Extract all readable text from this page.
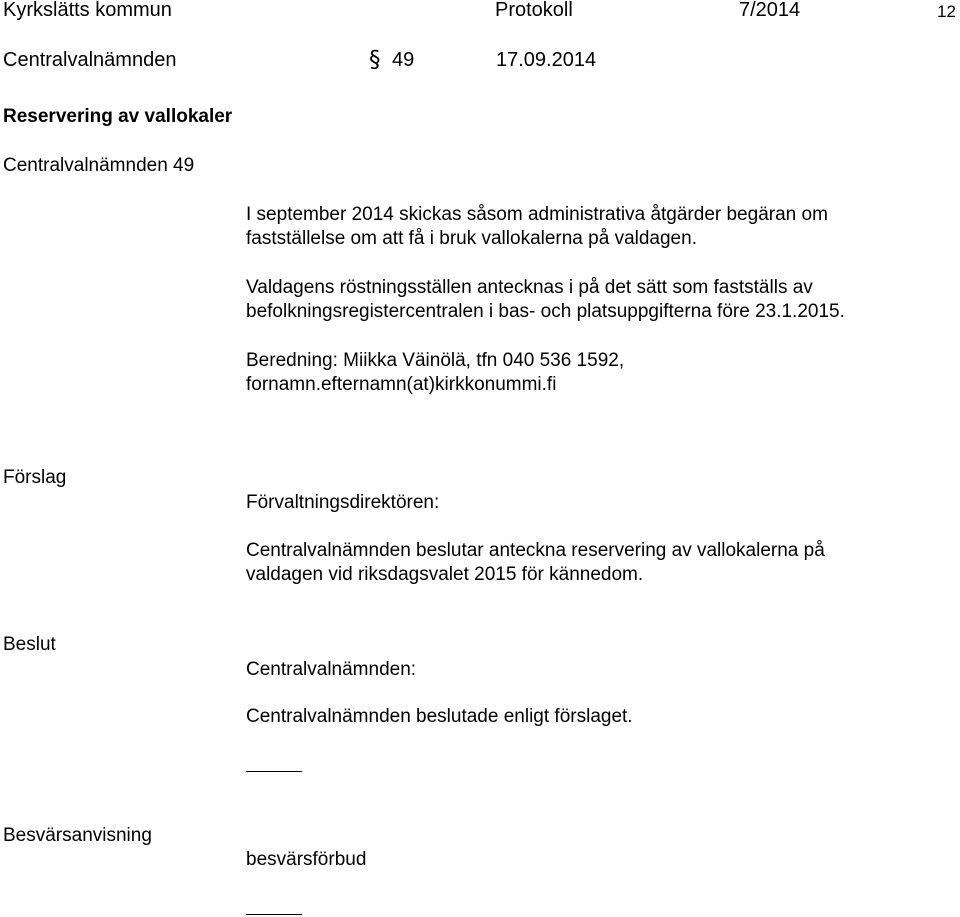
Kyrkslätts kommun	Protokoll	7/2014	12
Centralvalnämnden	§ 49	17.09.2014
Reservering av vallokaler
Centralvalnämnden 49
I september 2014 skickas såsom administrativa åtgärder begäran om
fastställelse om att få i bruk vallokalerna på valdagen.
Valdagens röstningsställen antecknas i på det sätt som fastställs av
befolkningsregistercentralen i bas- och platsuppgifterna före 23.1.2015.
Beredning: Miikka Väinölä, tfn 040 536 1592,
fornamn.efternamn(at)kirkkonummi.fi
Förslag
Förvaltningsdirektören:
Centralvalnämnden beslutar anteckna reservering av vallokalerna på
valdagen vid riksdagsvalet 2015 för kännedom.
Beslut
Centralvalnämnden:
Centralvalnämnden beslutade enligt förslaget.
Besvärsanvisning
besvärsförbud
